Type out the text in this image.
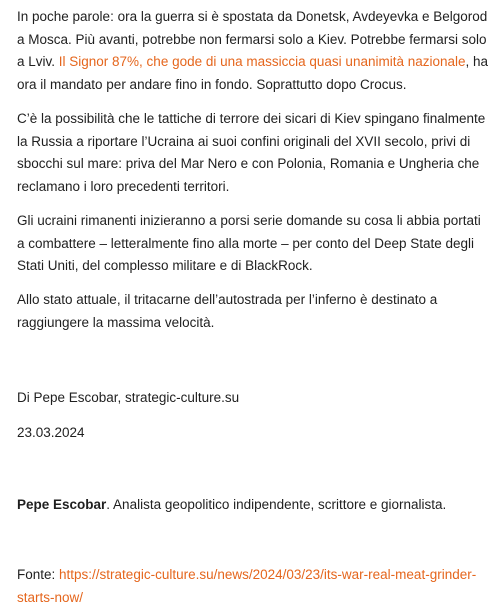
In poche parole: ora la guerra si è spostata da Donetsk, Avdeyevka e Belgorod a Mosca. Più avanti, potrebbe non fermarsi solo a Kiev. Potrebbe fermarsi solo a Lviv. Il Signor 87%, che gode di una massiccia quasi unanimità nazionale, ha ora il mandato per andare fino in fondo. Soprattutto dopo Crocus.

C’è la possibilità che le tattiche di terrore dei sicari di Kiev spingano finalmente la Russia a riportare l’Ucraina ai suoi confini originali del XVII secolo, privi di sbocchi sul mare: priva del Mar Nero e con Polonia, Romania e Ungheria che reclamano i loro precedenti territori.

Gli ucraini rimanenti inizieranno a porsi serie domande su cosa li abbia portati a combattere – letteralmente fino alla morte – per conto del Deep State degli Stati Uniti, del complesso militare e di BlackRock.

Allo stato attuale, il tritacarne dell’autostrada per l’inferno è destinato a raggiungere la massima velocità.

Di Pepe Escobar, strategic-culture.su

23.03.2024

Pepe Escobar. Analista geopolitico indipendente, scrittore e giornalista.

Fonte: https://strategic-culture.su/news/2024/03/23/its-war-real-meat-grinder-starts-now/
